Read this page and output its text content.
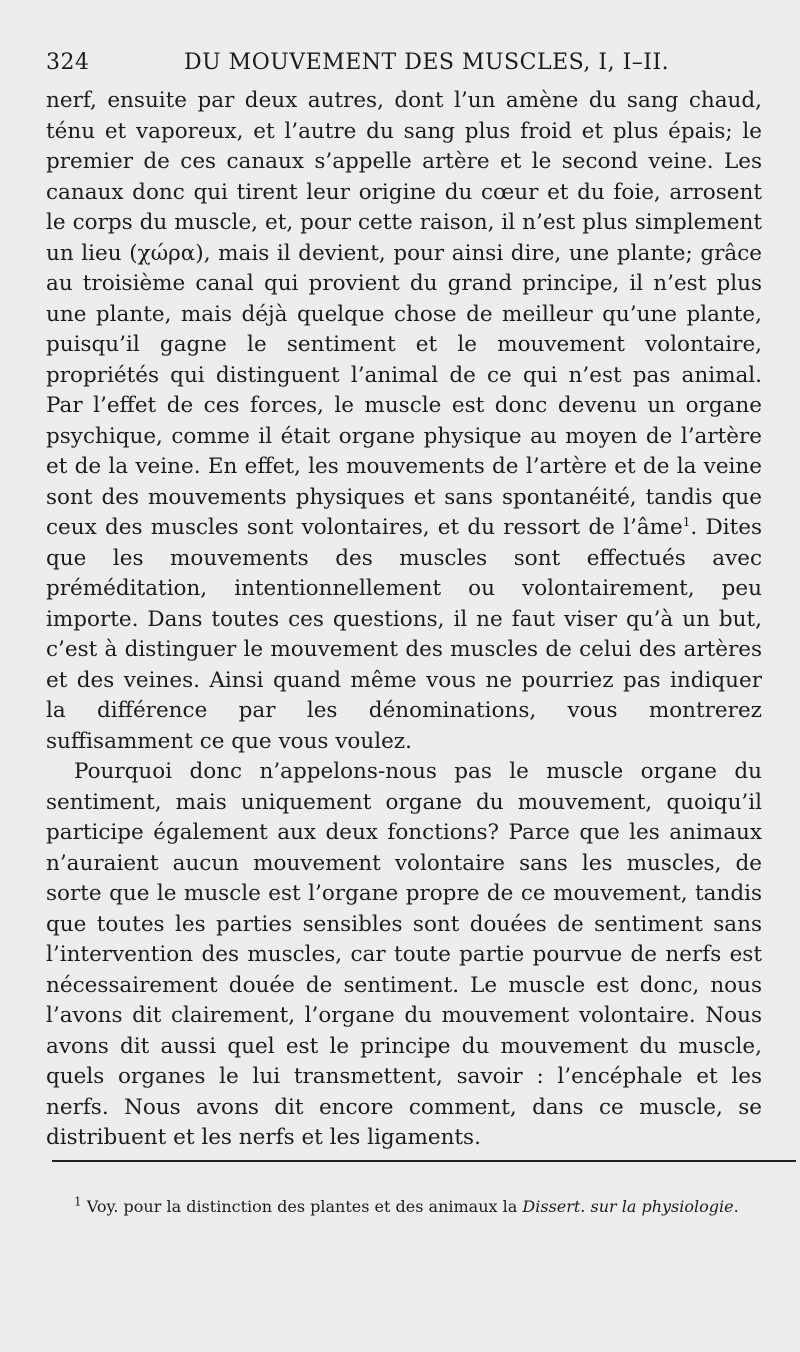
324	DU MOUVEMENT DES MUSCLES, I, I–II.

nerf, ensuite par deux autres, dont l’un amène du sang chaud, ténu et vaporeux, et l’autre du sang plus froid et plus épais; le premier de ces canaux s’appelle artère et le second veine. Les canaux donc qui tirent leur origine du cœur et du foie, arrosent le corps du muscle, et, pour cette raison, il n’est plus simplement un lieu (χώρα), mais il devient, pour ainsi dire, une plante; grâce au troisième canal qui provient du grand principe, il n’est plus une plante, mais déjà quelque chose de meilleur qu’une plante, puisqu’il gagne le sentiment et le mouvement volontaire, propriétés qui distinguent l’animal de ce qui n’est pas animal. Par l’effet de ces forces, le muscle est donc devenu un organe psychique, comme il était organe physique au moyen de l’artère et de la veine. En effet, les mouvements de l’artère et de la veine sont des mouvements physiques et sans spontanéité, tandis que ceux des muscles sont volontaires, et du ressort de l’âme$^1$. Dites que les mouvements des muscles sont effectués avec préméditation, intentionnellement ou volontairement, peu importe. Dans toutes ces questions, il ne faut viser qu’à un but, c’est à distinguer le mouvement des muscles de celui des artères et des veines. Ainsi quand même vous ne pourriez pas indiquer la différence par les dénominations, vous montrerez suffisamment ce que vous voulez.

Pourquoi donc n’appelons-nous pas le muscle organe du sentiment, mais uniquement organe du mouvement, quoiqu’il participe également aux deux fonctions? Parce que les animaux n’auraient aucun mouvement volontaire sans les muscles, de sorte que le muscle est l’organe propre de ce mouvement, tandis que toutes les parties sensibles sont douées de sentiment sans l’intervention des muscles, car toute partie pourvue de nerfs est nécessairement douée de sentiment. Le muscle est donc, nous l’avons dit clairement, l’organe du mouvement volontaire. Nous avons dit aussi quel est le principe du mouvement du muscle, quels organes le lui transmettent, savoir : l’encéphale et les nerfs. Nous avons dit encore comment, dans ce muscle, se distribuent et les nerfs et les ligaments.

$^1$ Voy. pour la distinction des plantes et des animaux la Dissert. sur la physiologie.
